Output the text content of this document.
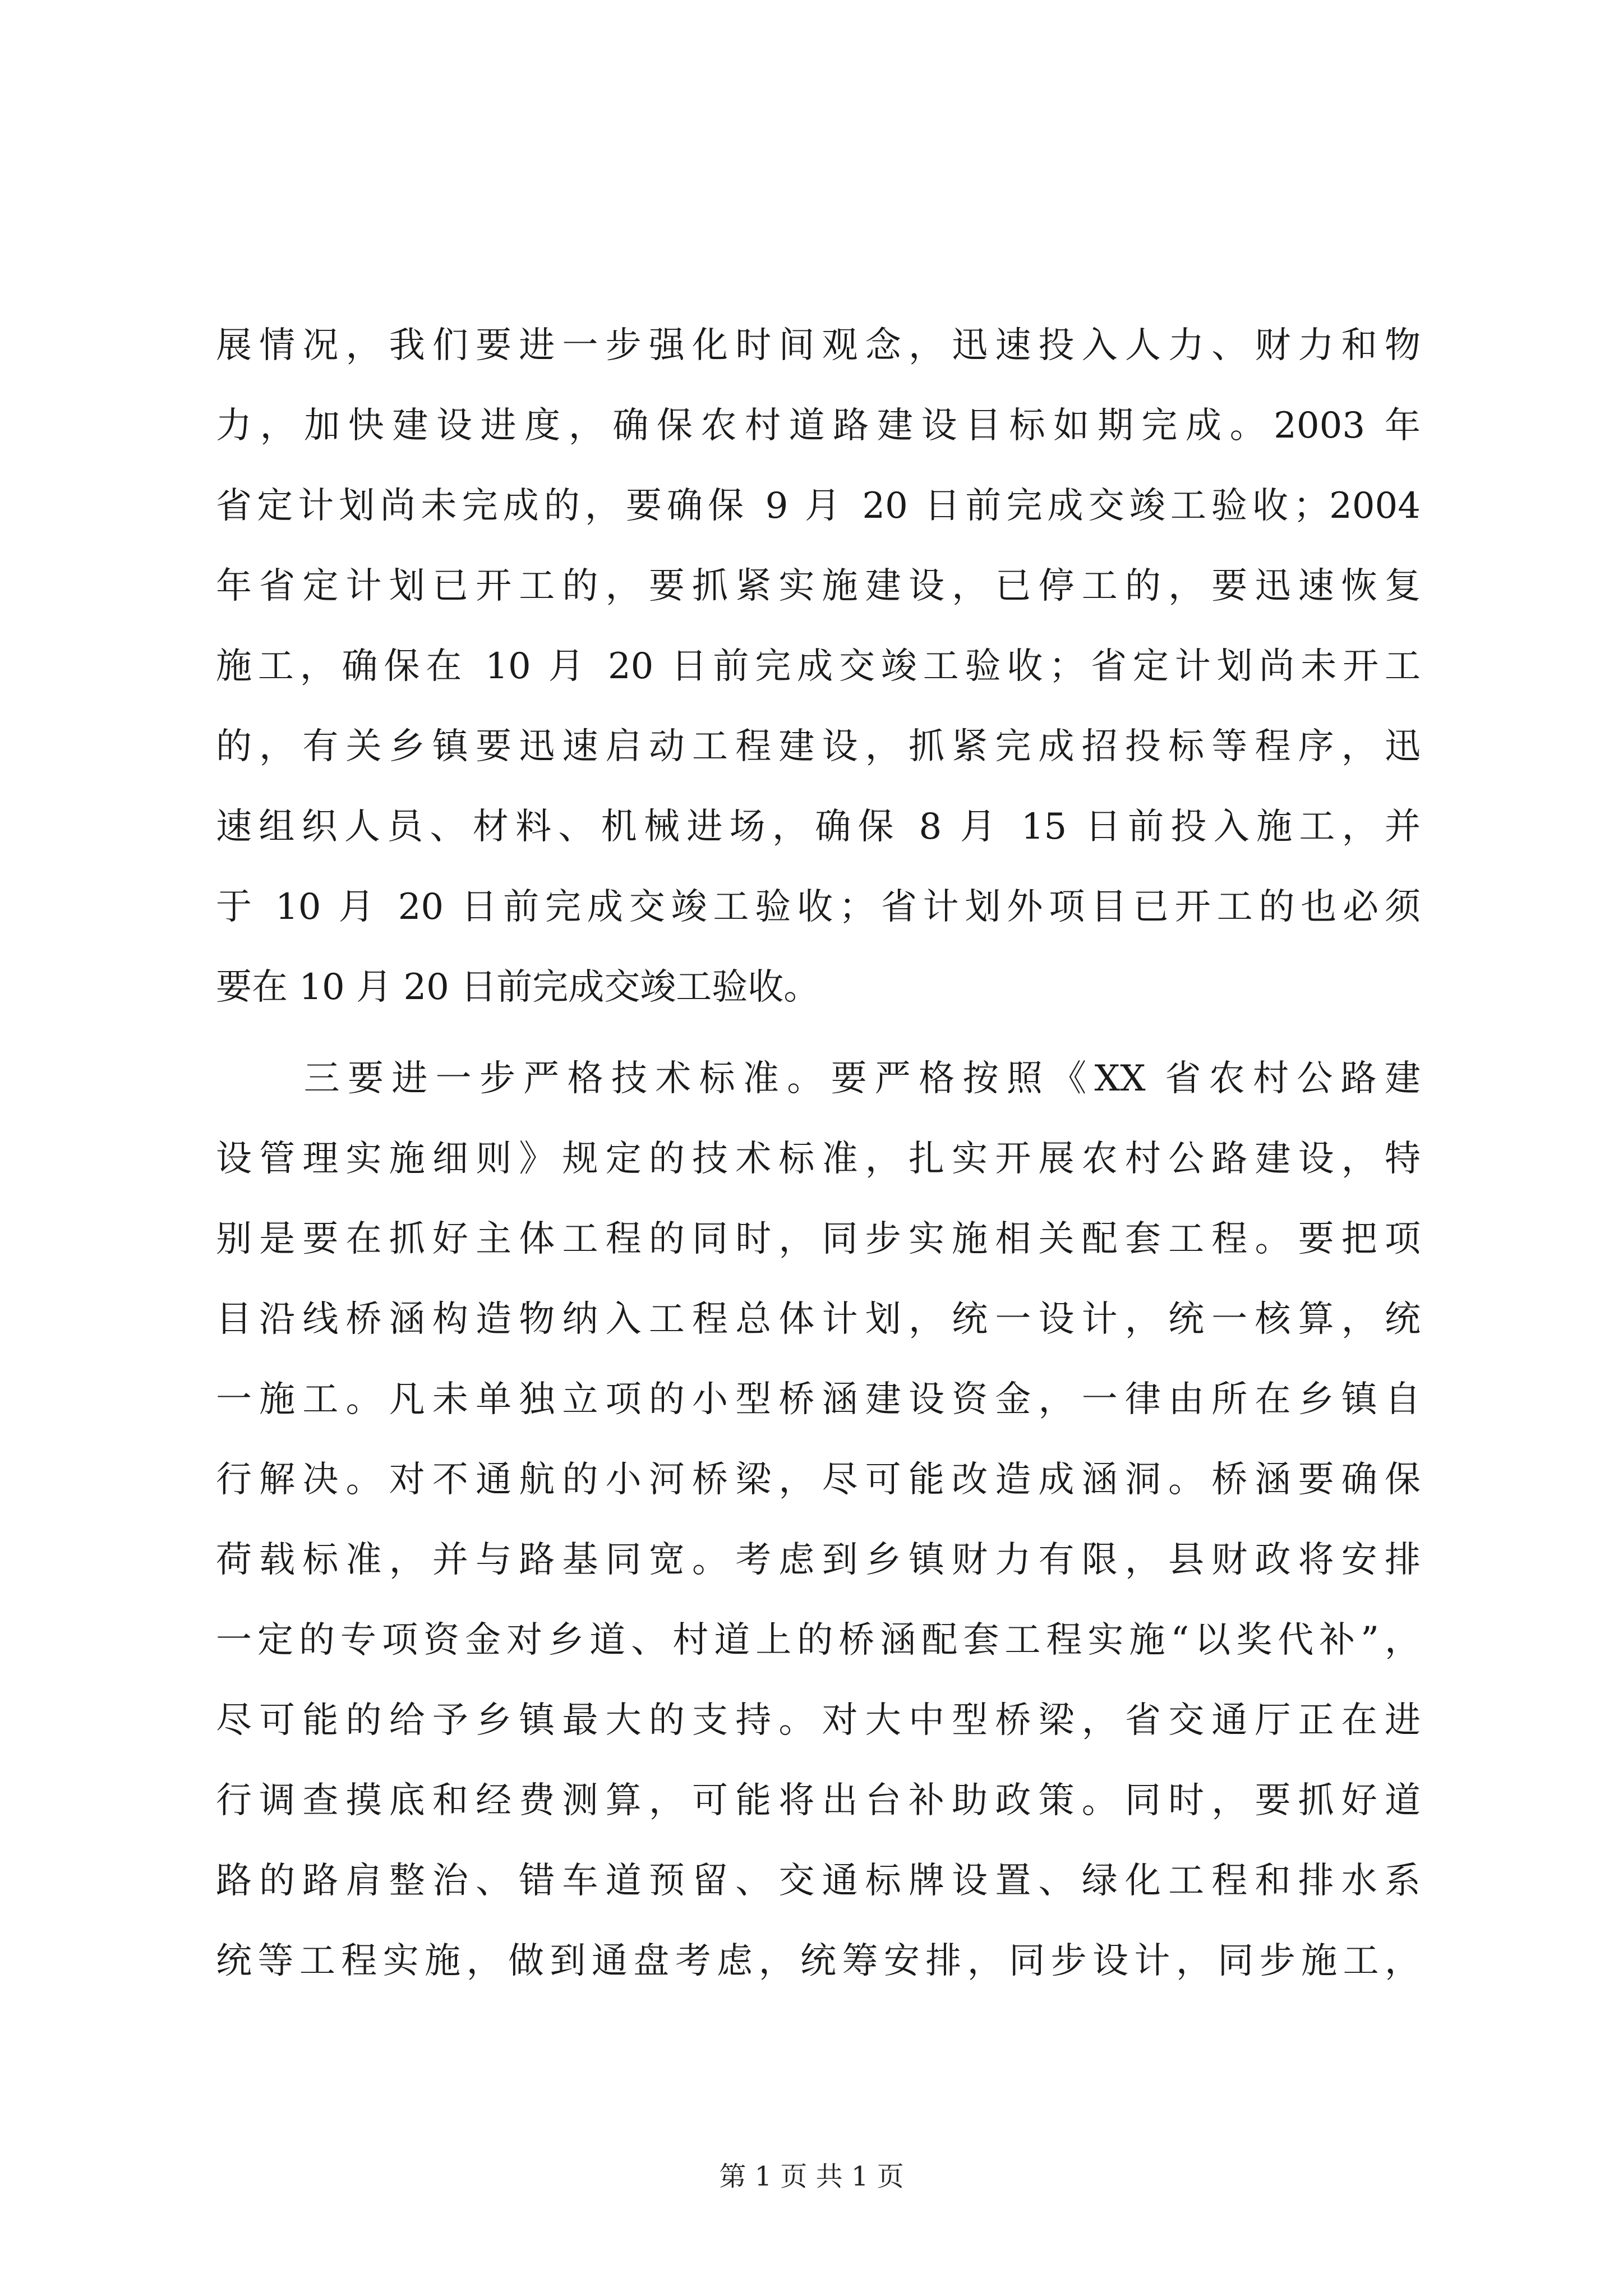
展情况，我们要进一步强化时间观念，迅速投入人力、财力和物
力，加快建设进度，确保农村道路建设目标如期完成。2003 年
省定计划尚未完成的，要确保 9 月 20 日前完成交竣工验收；2004
年省定计划已开工的，要抓紧实施建设，已停工的，要迅速恢复
施工，确保在 10 月 20 日前完成交竣工验收；省定计划尚未开工
的，有关乡镇要迅速启动工程建设，抓紧完成招投标等程序，迅
速组织人员、材料、机械进场，确保 8 月 15 日前投入施工，并
于 10 月 20 日前完成交竣工验收；省计划外项目已开工的也必须
要在 10 月 20 日前完成交竣工验收。
　　三要进一步严格技术标准。要严格按照《XX 省农村公路建
设管理实施细则》规定的技术标准，扎实开展农村公路建设，特
别是要在抓好主体工程的同时，同步实施相关配套工程。要把项
目沿线桥涵构造物纳入工程总体计划，统一设计，统一核算，统
一施工。凡未单独立项的小型桥涵建设资金，一律由所在乡镇自
行解决。对不通航的小河桥梁，尽可能改造成涵洞。桥涵要确保
荷载标准，并与路基同宽。考虑到乡镇财力有限，县财政将安排
一定的专项资金对乡道、村道上的桥涵配套工程实施“以奖代补”，
尽可能的给予乡镇最大的支持。对大中型桥梁，省交通厅正在进
行调查摸底和经费测算，可能将出台补助政策。同时，要抓好道
路的路肩整治、错车道预留、交通标牌设置、绿化工程和排水系
统等工程实施，做到通盘考虑，统筹安排，同步设计，同步施工，
第 1 页 共 1 页
